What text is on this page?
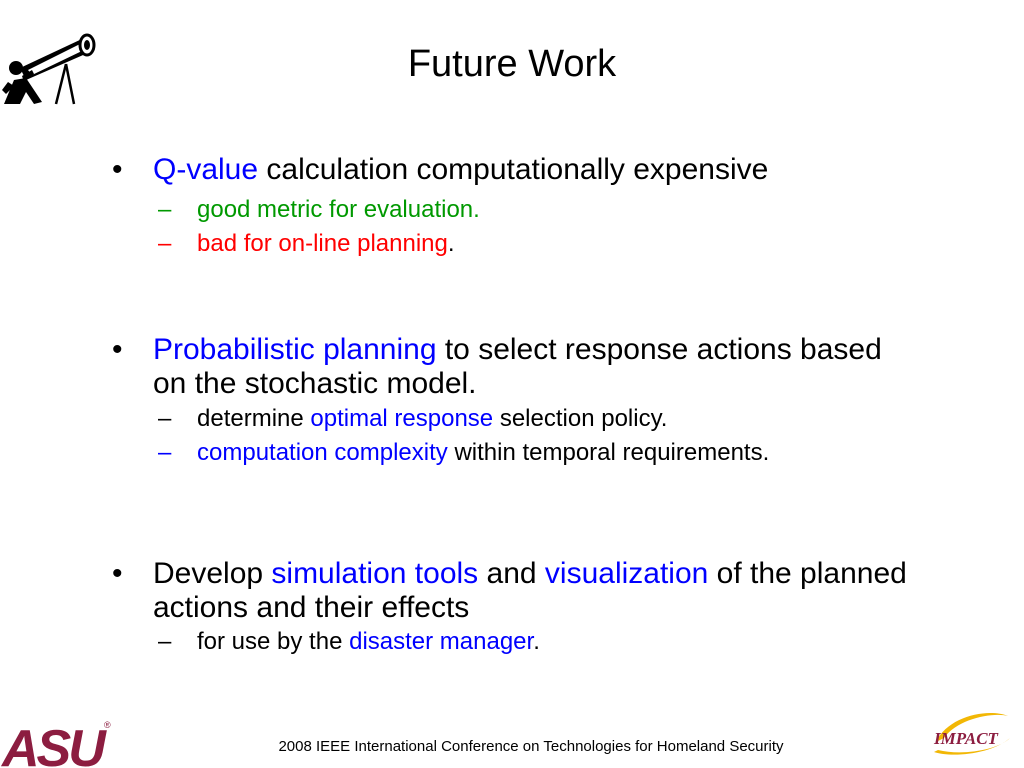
Future Work
•	Q-value calculation computationally expensive
– good metric for evaluation.
– bad for on-line planning.
•	Probabilistic planning to select response actions based on the stochastic model.
– determine optimal response selection policy.
– computation complexity within temporal requirements.
•	Develop simulation tools and visualization of the planned actions and their effects
– for use by the disaster manager.
ASU ®
2008 IEEE International Conference on Technologies for Homeland Security	IMPACT
